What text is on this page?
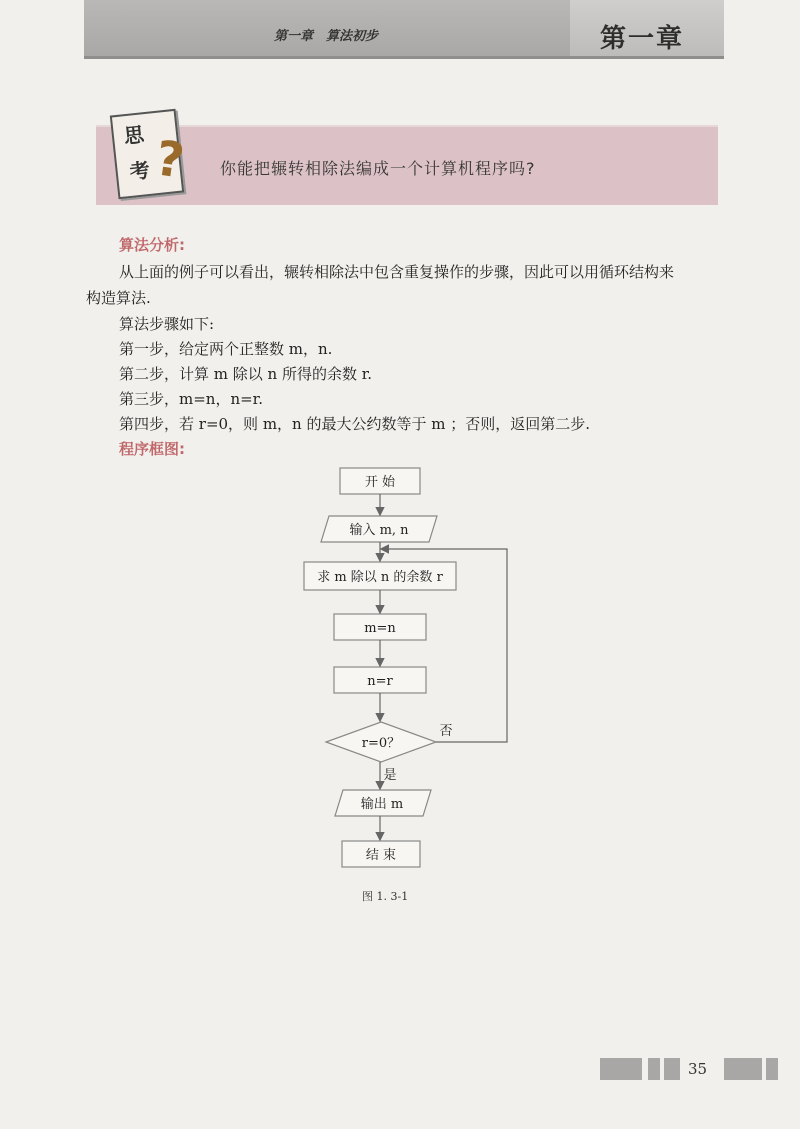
第一章　算法初步	第一章
思
考 ? 你能把辗转相除法编成一个计算机程序吗?
算法分析:
从上面的例子可以看出，辗转相除法中包含重复操作的步骤，因此可以用循环结构来
构造算法.
算法步骤如下:
第一步，给定两个正整数 m，n.
第二步，计算 m 除以 n 所得的余数 r.
第三步，m=n，n=r.
第四步，若 r=0，则 m，n 的最大公约数等于 m ；否则，返回第二步.
程序框图:
开 始
输入 m, n
求 m 除以 n 的余数 r
m=n
n=r
r=0？
否
是
输出 m
结 束
图 1. 3-1
35
